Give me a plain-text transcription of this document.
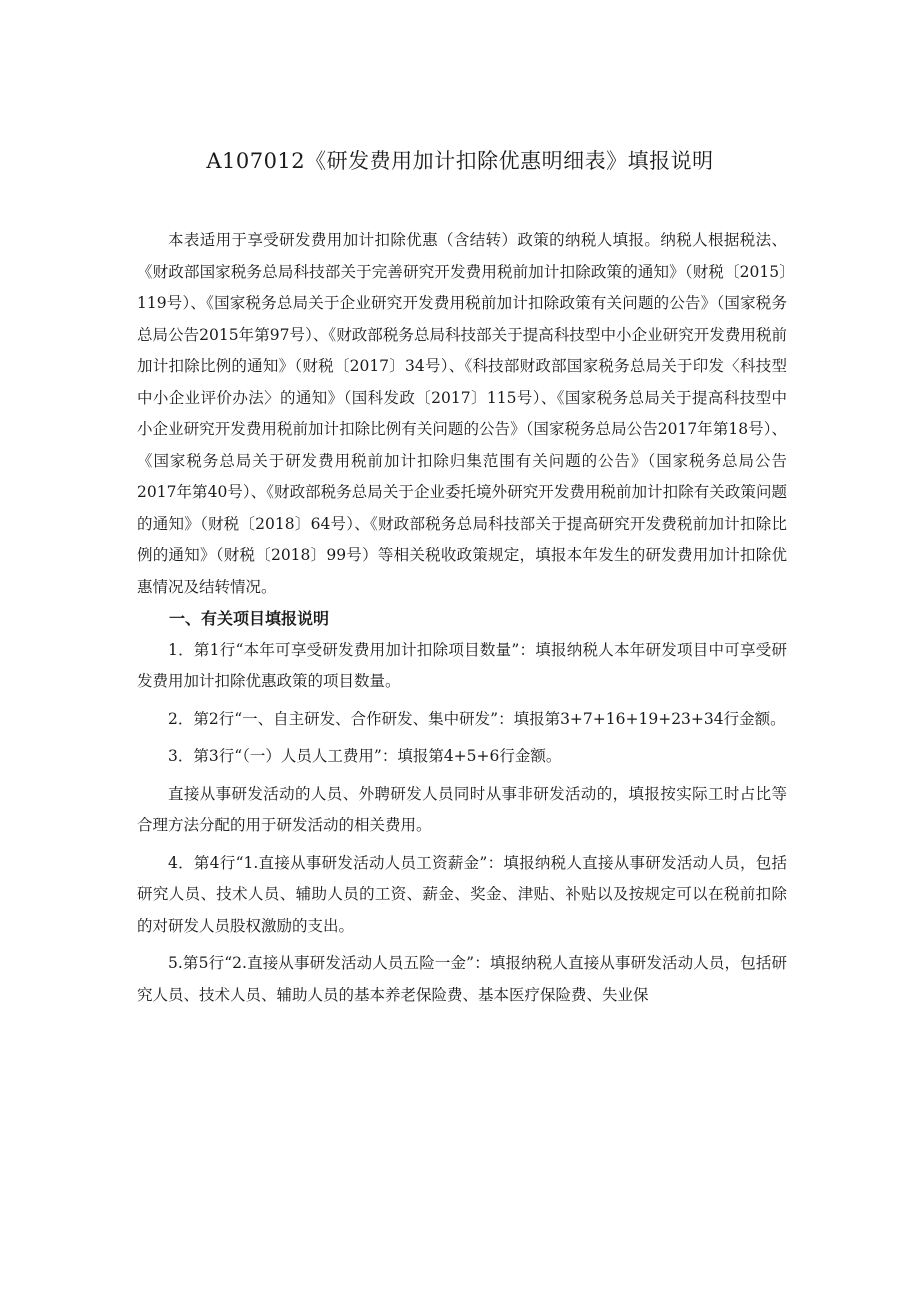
A107012《研发费用加计扣除优惠明细表》填报说明

本表适用于享受研发费用加计扣除优惠（含结转）政策的纳税人填报。纳税人根据税法、《财政部国家税务总局科技部关于完善研究开发费用税前加计扣除政策的通知》（财税〔2015〕119号）、《国家税务总局关于企业研究开发费用税前加计扣除政策有关问题的公告》（国家税务总局公告2015年第97号）、《财政部税务总局科技部关于提高科技型中小企业研究开发费用税前加计扣除比例的通知》（财税〔2017〕34号）、《科技部财政部国家税务总局关于印发〈科技型中小企业评价办法〉的通知》（国科发政〔2017〕115号）、《国家税务总局关于提高科技型中小企业研究开发费用税前加计扣除比例有关问题的公告》（国家税务总局公告2017年第18号）、《国家税务总局关于研发费用税前加计扣除归集范围有关问题的公告》（国家税务总局公告2017年第40号）、《财政部税务总局关于企业委托境外研究开发费用税前加计扣除有关政策问题的通知》（财税〔2018〕64号）、《财政部税务总局科技部关于提高研究开发费税前加计扣除比例的通知》（财税〔2018〕99号）等相关税收政策规定，填报本年发生的研发费用加计扣除优惠情况及结转情况。

一、有关项目填报说明

1．第1行“本年可享受研发费用加计扣除项目数量”：填报纳税人本年研发项目中可享受研发费用加计扣除优惠政策的项目数量。

2．第2行“一、自主研发、合作研发、集中研发”：填报第3+7+16+19+23+34行金额。

3．第3行“（一）人员人工费用”：填报第4+5+6行金额。

直接从事研发活动的人员、外聘研发人员同时从事非研发活动的，填报按实际工时占比等合理方法分配的用于研发活动的相关费用。

4．第4行“1.直接从事研发活动人员工资薪金”：填报纳税人直接从事研发活动人员，包括研究人员、技术人员、辅助人员的工资、薪金、奖金、津贴、补贴以及按规定可以在税前扣除的对研发人员股权激励的支出。

5.第5行“2.直接从事研发活动人员五险一金”：填报纳税人直接从事研发活动人员，包括研究人员、技术人员、辅助人员的基本养老保险费、基本医疗保险费、失业保
